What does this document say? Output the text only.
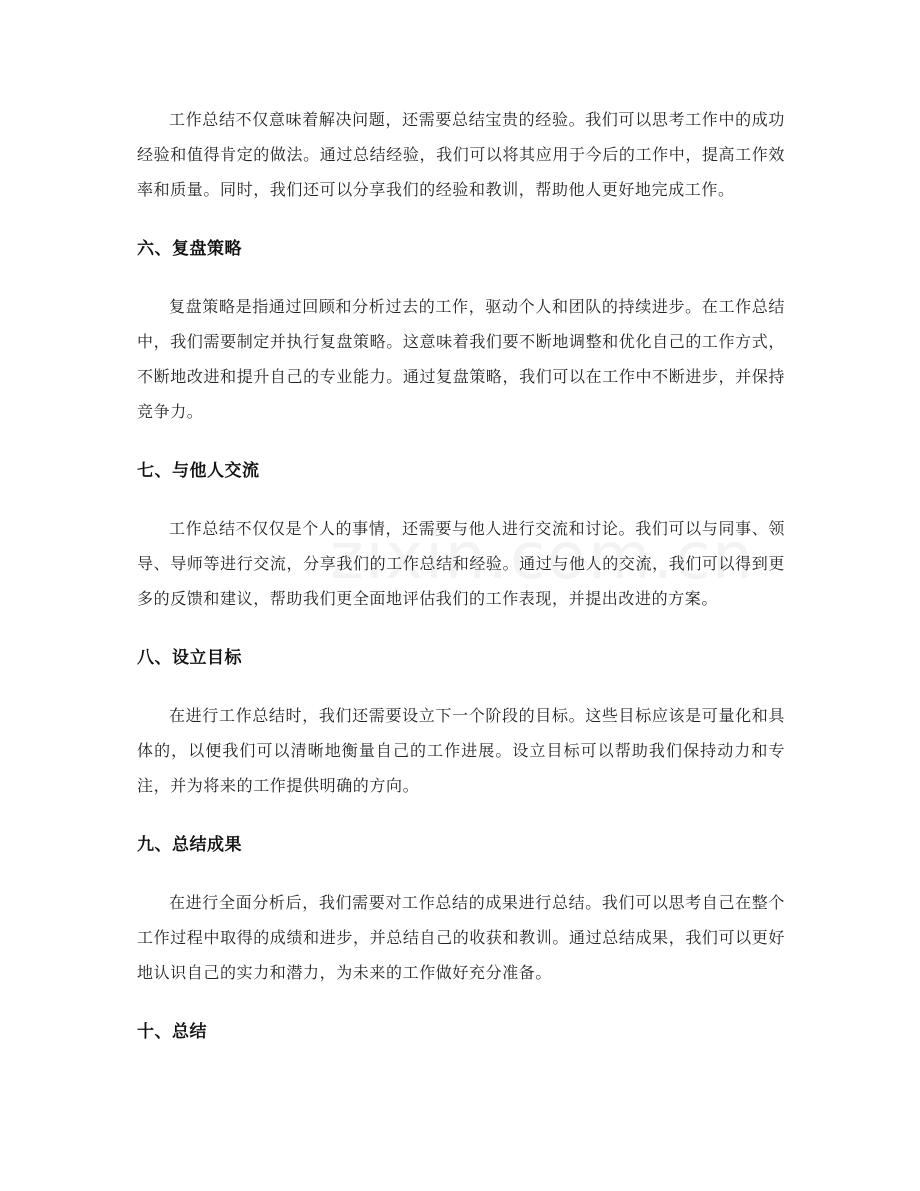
工作总结不仅意味着解决问题，还需要总结宝贵的经验。我们可以思考工作中的成功经验和值得肯定的做法。通过总结经验，我们可以将其应用于今后的工作中，提高工作效率和质量。同时，我们还可以分享我们的经验和教训，帮助他人更好地完成工作。

六、复盘策略

复盘策略是指通过回顾和分析过去的工作，驱动个人和团队的持续进步。在工作总结中，我们需要制定并执行复盘策略。这意味着我们要不断地调整和优化自己的工作方式，不断地改进和提升自己的专业能力。通过复盘策略，我们可以在工作中不断进步，并保持竞争力。

七、与他人交流

工作总结不仅仅是个人的事情，还需要与他人进行交流和讨论。我们可以与同事、领导、导师等进行交流，分享我们的工作总结和经验。通过与他人的交流，我们可以得到更多的反馈和建议，帮助我们更全面地评估我们的工作表现，并提出改进的方案。

八、设立目标

在进行工作总结时，我们还需要设立下一个阶段的目标。这些目标应该是可量化和具体的，以便我们可以清晰地衡量自己的工作进展。设立目标可以帮助我们保持动力和专注，并为将来的工作提供明确的方向。

九、总结成果

在进行全面分析后，我们需要对工作总结的成果进行总结。我们可以思考自己在整个工作过程中取得的成绩和进步，并总结自己的收获和教训。通过总结成果，我们可以更好地认识自己的实力和潜力，为未来的工作做好充分准备。

十、总结
